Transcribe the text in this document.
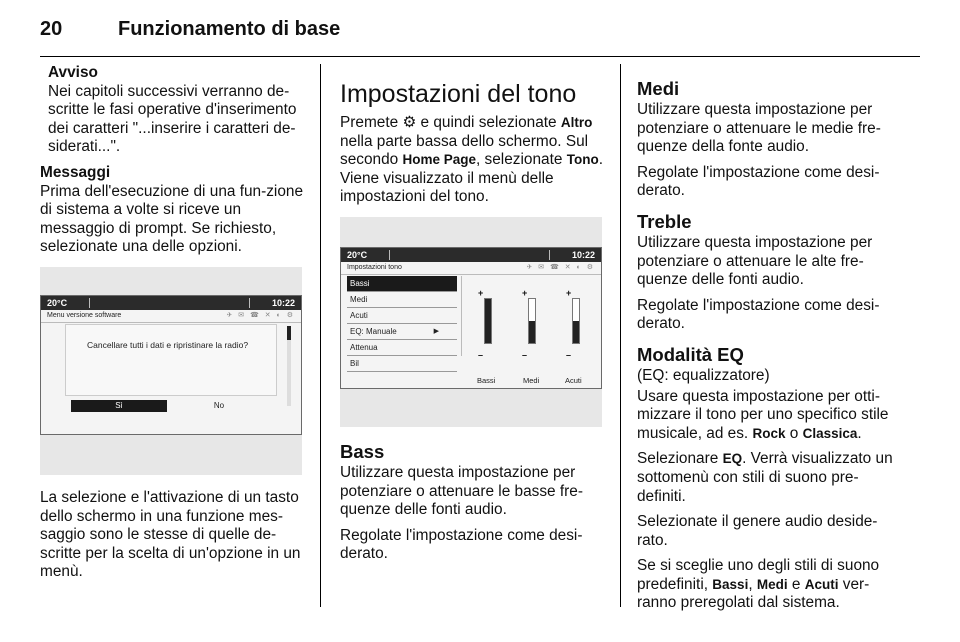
20	Funzionamento di base

Avviso

Nei capitoli successivi verranno de-scritte le fasi operative d'inserimento dei caratteri "...inserire i caratteri de-siderati...".

Messaggi

Prima dell'esecuzione di una fun-zione di sistema a volte si riceve un messaggio di prompt. Se richiesto, selezionate una delle opzioni.

20°C	10:22
Menu versione software	✈ ✉ ☎ ✕ ◐ ⚙
Cancellare tutti i dati e ripristinare la radio?
Sì	No

La selezione e l'attivazione di un tasto dello schermo in una funzione mes-saggio sono le stesse di quelle de-scritte per la scelta di un'opzione in un menù.

Impostazioni del tono

Premete ⚙ e quindi selezionate Altro nella parte bassa dello schermo. Sul secondo Home Page, selezionate Tono. Viene visualizzato il menù delle impostazioni del tono.

20°C	10:22
Impostazioni tono	✈ ✉ ☎ ✕ ◐ ⚙
Bassi
Medi
Acuti
EQ: Manuale	▶
Attenua
Bil
+
–
+
–
+
–
Bassi	Medi	Acuti
Bass

Utilizzare questa impostazione per potenziare o attenuare le basse fre-quenze delle fonti audio.

Regolate l'impostazione come desi-derato.

Medi

Utilizzare questa impostazione per potenziare o attenuare le medie fre-quenze della fonte audio.

Regolate l'impostazione come desi-derato.

Treble

Utilizzare questa impostazione per potenziare o attenuare le alte fre-quenze delle fonti audio.

Regolate l'impostazione come desi-derato.

Modalità EQ

(EQ: equalizzatore)

Usare questa impostazione per otti-mizzare il tono per uno specifico stile musicale, ad es. Rock o Classica.

Selezionare EQ. Verrà visualizzato un sottomenù con stili di suono pre-definiti.

Selezionate il genere audio deside-rato.

Se si sceglie uno degli stili di suono predefiniti, Bassi, Medi e Acuti ver-ranno preregolati dal sistema.
